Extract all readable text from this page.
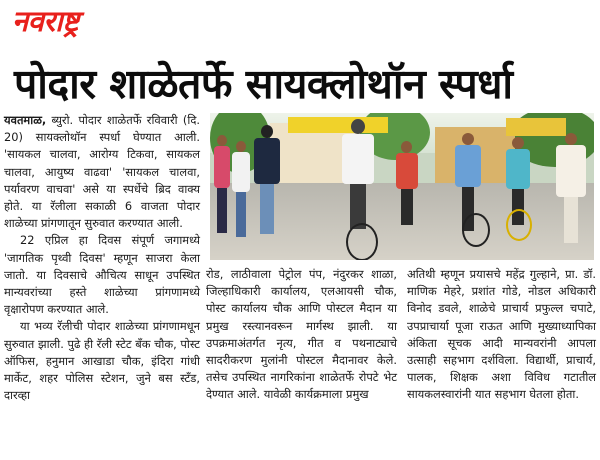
नवराष्ट्र
पोदार शाळेतर्फे सायक्लोथॉन स्पर्धा

यवतमाळ, ब्युरो. पोदार शाळेतर्फे रविवारी (दि. 20) सायक्लोथॉन स्पर्धा घेण्यात आली. 'सायकल चालवा, आरोग्य टिकवा, सायकल चालवा, आयुष्य वाढवा' 'सायकल चालवा, पर्यावरण वाचवा' असे या स्पर्धेचे ब्रिद वाक्य होते. या रॅलीला सकाळी 6 वाजता पोदार शाळेच्या प्रांगणातून सुरुवात करण्यात आली.

22 एप्रिल हा दिवस संपूर्ण जगामध्ये 'जागतिक पृथ्वी दिवस' म्हणून साजरा केला जातो. या दिवसाचे औचित्य साधून उपस्थित मान्यवरांच्या हस्ते शाळेच्या प्रांगणामध्ये वृक्षारोपण करण्यात आले.

या भव्य रॅलीची पोदार शाळेच्या प्रांगणामधून सुरुवात झाली. पुढे ही रॅली स्टेट बँक चौक, पोस्ट ऑफिस, हनुमान आखाडा चौक, इंदिरा गांधी मार्केट, शहर पोलिस स्टेशन, जुने बस स्टँड, दारव्हा

रोड, लाठीवाला पेट्रोल पंप, नंदुरकर शाळा, जिल्हाधिकारी कार्यालय, एलआयसी चौक, पोस्ट कार्यालय चौक आणि पोस्टल मैदान या प्रमुख रस्त्यानवरून मार्गस्थ झाली. या उपक्रमाअंतर्गत नृत्य, गीत व पथनाट्याचे सादरीकरण मुलांनी पोस्टल मैदानावर केले. तसेच उपस्थित नागरिकांना शाळेतर्फे रोपटे भेट देण्यात आले. यावेळी कार्यक्रमाला प्रमुख
अतिथी म्हणून प्रयासचे महेंद्र गुल्हाने, प्रा. डॉ. माणिक मेहरे, प्रशांत गोडे, नोडल अधिकारी विनोद डवले, शाळेचे प्राचार्य प्रफुल्ल चपाटे, उपप्राचार्या पूजा राऊत आणि मुख्याध्यापिका अंकिता सूचक आदी मान्यवरांनी आपला उत्साही सहभाग दर्शविला. विद्यार्थी, प्राचार्य, पालक, शिक्षक अशा विविध गटातील सायकलस्वारांनी यात सहभाग घेतला होता.
